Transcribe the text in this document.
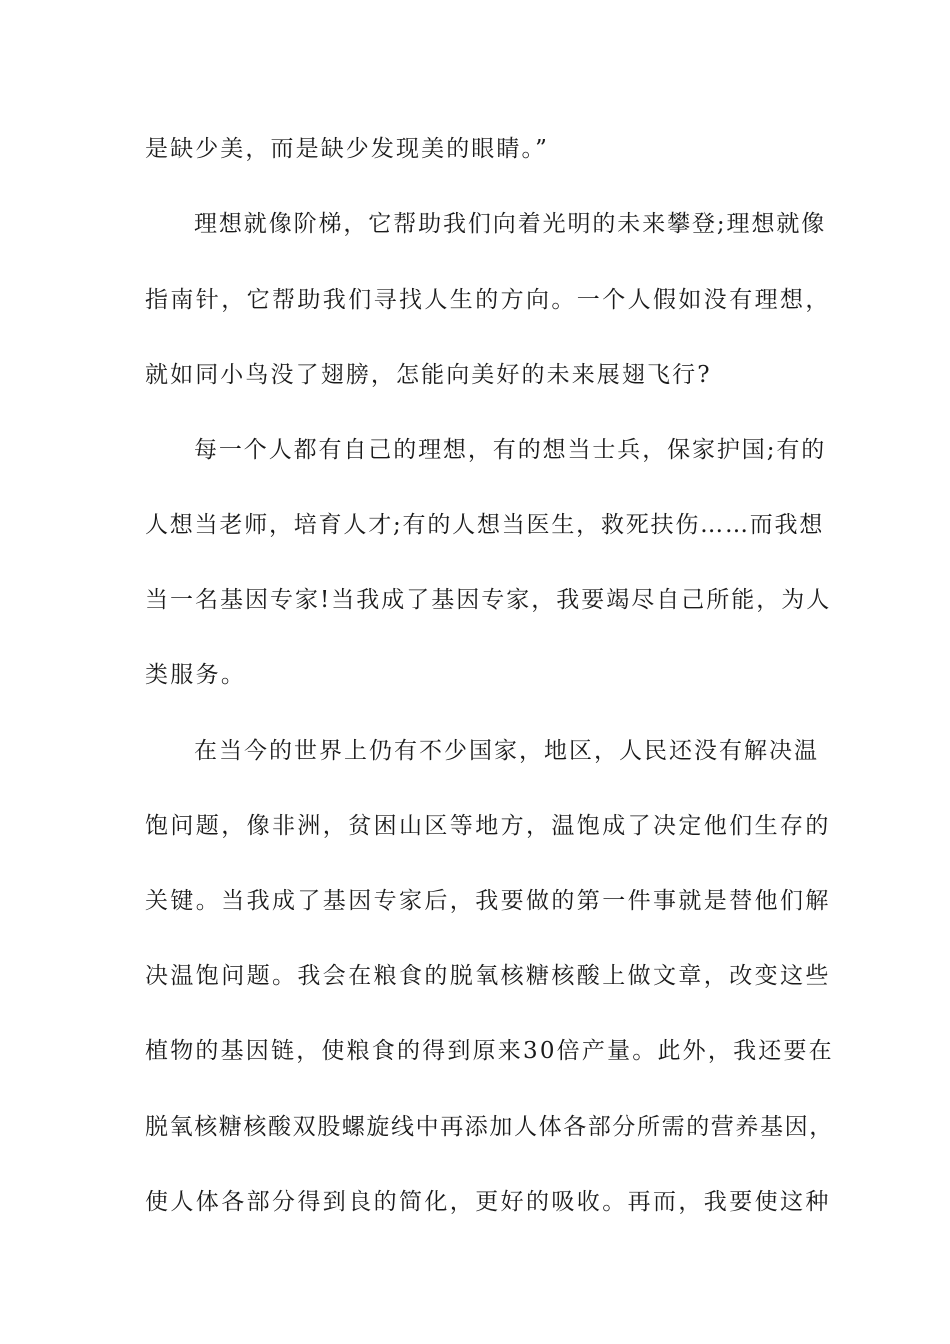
是缺少美，而是缺少发现美的眼睛。”
理想就像阶梯，它帮助我们向着光明的未来攀登;理想就像
指南针，它帮助我们寻找人生的方向。一个人假如没有理想，
就如同小鸟没了翅膀，怎能向美好的未来展翅飞行?
每一个人都有自己的理想，有的想当士兵，保家护国;有的
人想当老师，培育人才;有的人想当医生，救死扶伤……而我想
当一名基因专家!当我成了基因专家，我要竭尽自己所能，为人
类服务。
在当今的世界上仍有不少国家，地区，人民还没有解决温
饱问题，像非洲，贫困山区等地方，温饱成了决定他们生存的
关键。当我成了基因专家后，我要做的第一件事就是替他们解
决温饱问题。我会在粮食的脱氧核糖核酸上做文章，改变这些
植物的基因链，使粮食的得到原来30倍产量。此外，我还要在
脱氧核糖核酸双股螺旋线中再添加人体各部分所需的营养基因，
使人体各部分得到良的简化，更好的吸收。再而，我要使这种
